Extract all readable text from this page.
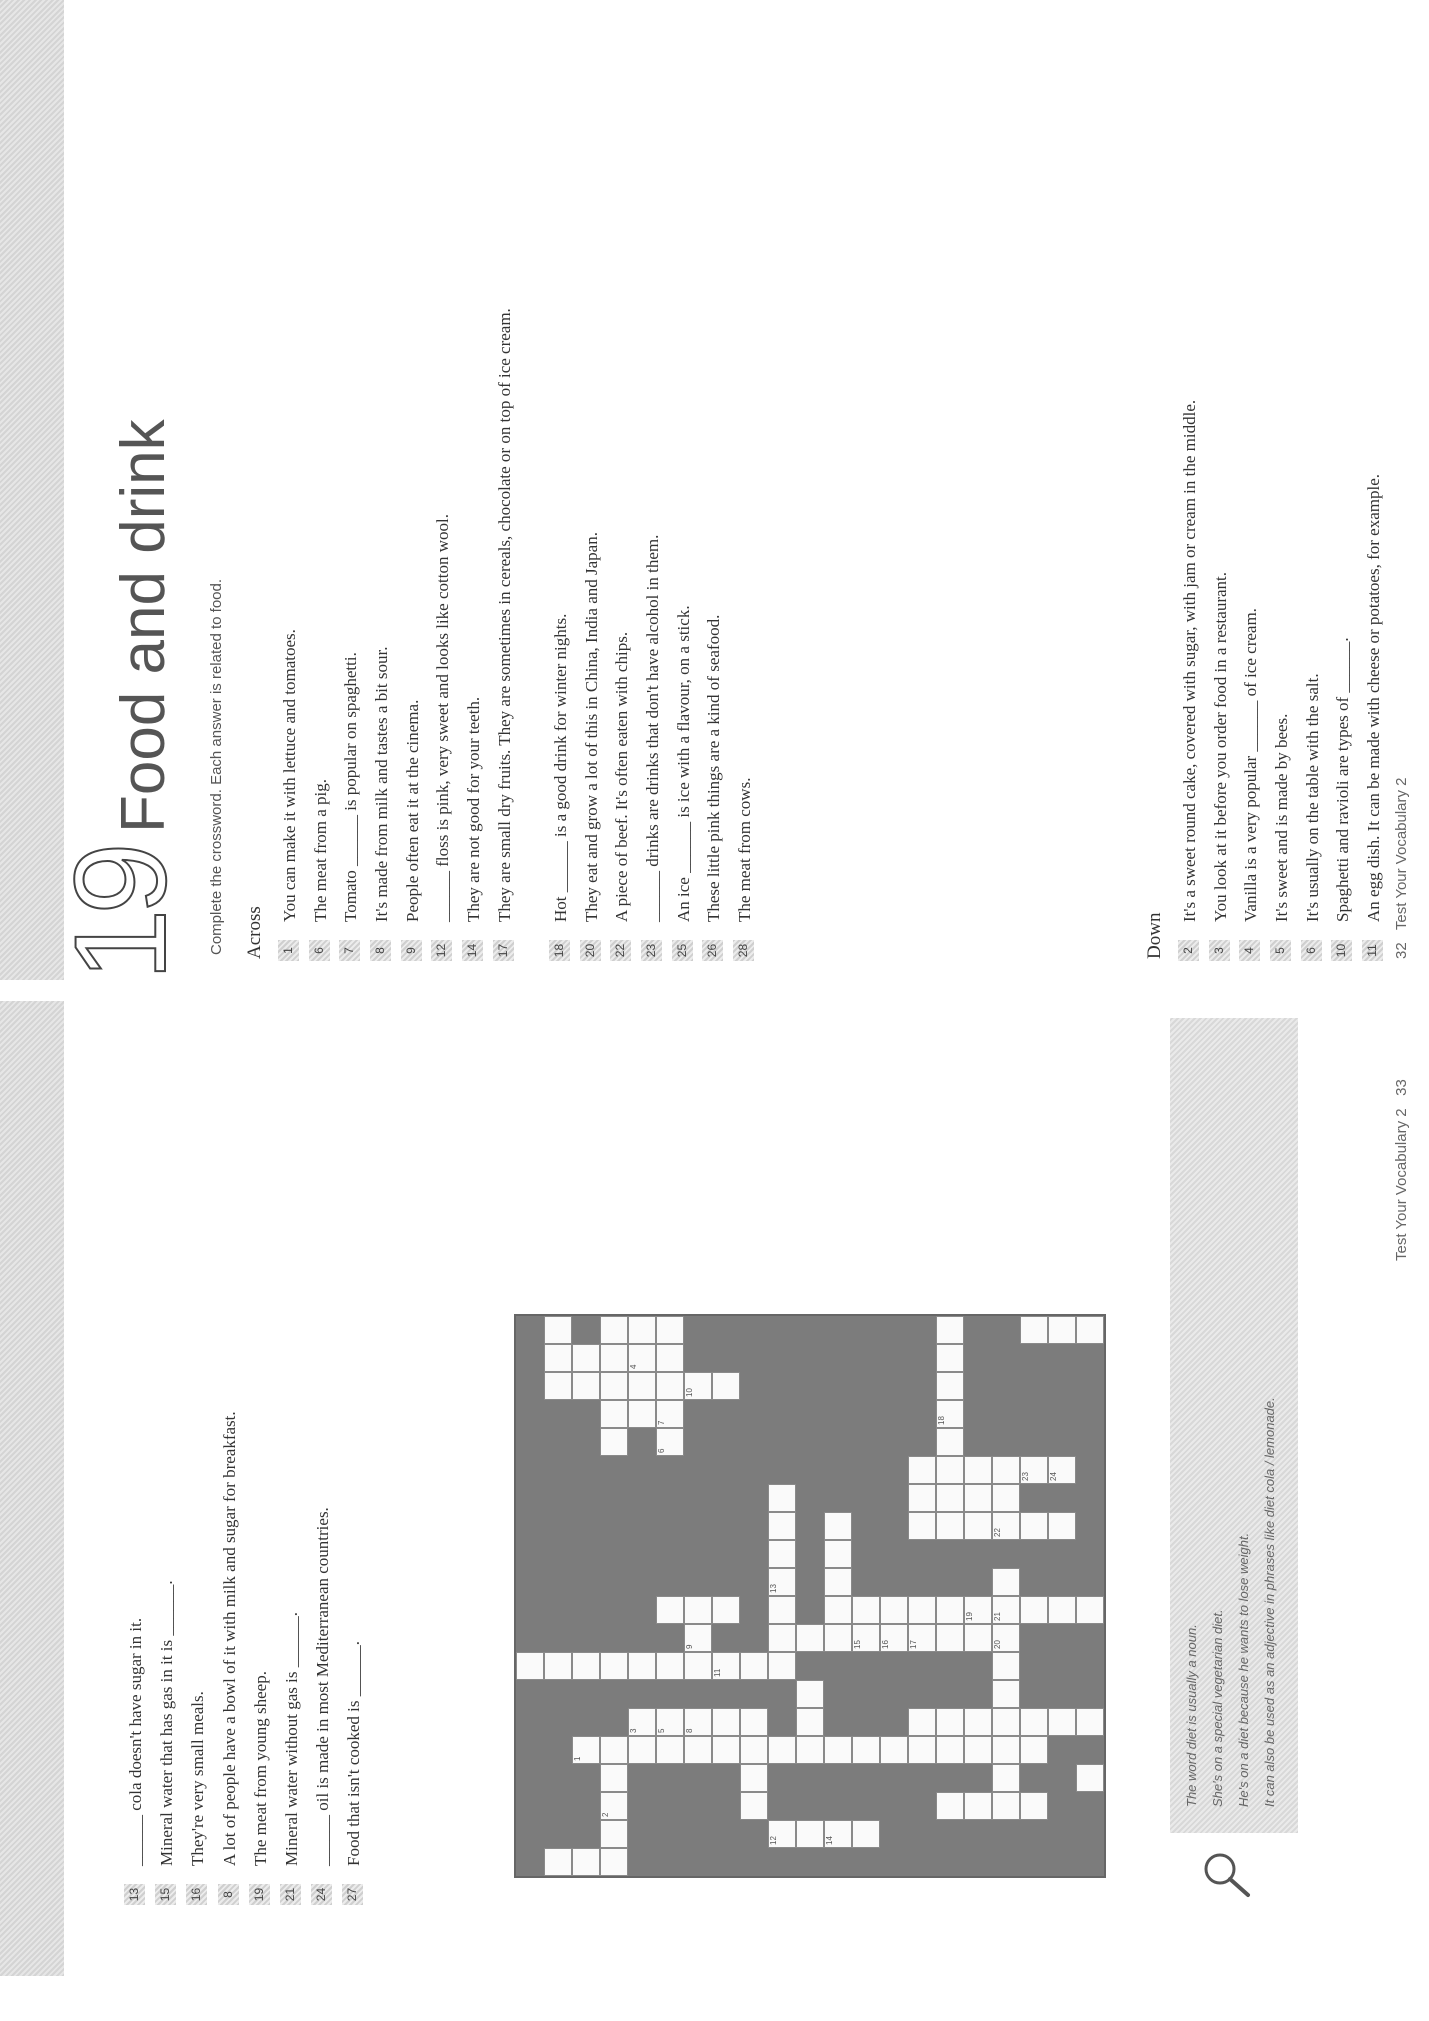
19
Food and drink Complete the crossword. Each answer is related to food. Across 1
You can make it with lettuce and tomatoes.
6
The meat from a pig.
7
Tomato ______ is popular on spaghetti.
8
It's made from milk and tastes a bit sour.
9
People often eat it at the cinema.
12
______ floss is pink, very sweet and looks like cotton wool.
14
They are not good for your teeth.
17
They are small dry fruits. They are sometimes in cereals, chocolate or on top of ice cream.
18
Hot ______ is a good drink for winter nights.
20
They eat and grow a lot of this in China, India and Japan.
22
A piece of beef. It's often eaten with chips.
23
______ drinks are drinks that don't have alcohol in them.
25
An ice ______ is ice with a flavour, on a stick.
26
These little pink things are a kind of seafood.
28
The meat from cows.
Down 2
It's a sweet round cake, covered with sugar, with jam or cream in the middle.
3
You look at it before you order food in a restaurant.
4
Vanilla is a very popular ______ of ice cream.
5
It's sweet and is made by bees.
6
It's usually on the table with the salt.
10
Spaghetti and ravioli are types of ______.
11
An egg dish. It can be made with cheese or potatoes, for example.
13
______ cola doesn't have sugar in it.
15
Mineral water that has gas in it is ______.
16
They're very small meals.
8
A lot of people have a bowl of it with milk and sugar for breakfast.
19
The meat from young sheep.
21
Mineral water without gas is ______.
24
______ oil is made in most Mediterranean countries.
27
Food that isn't cooked is ______.	1
2
3
4
5
6
7
8
9
10
11
12
13
14
15 16 17
18
19
20
21
22
23 24
The word diet is usually a noun. She's on a special vegetarian diet. He's on a diet because he wants to lose weight. It can also be used as an adjective in phrases like diet cola / lemonade.
32   Test Your Vocabulary 2
Test Your Vocabulary 2   33
